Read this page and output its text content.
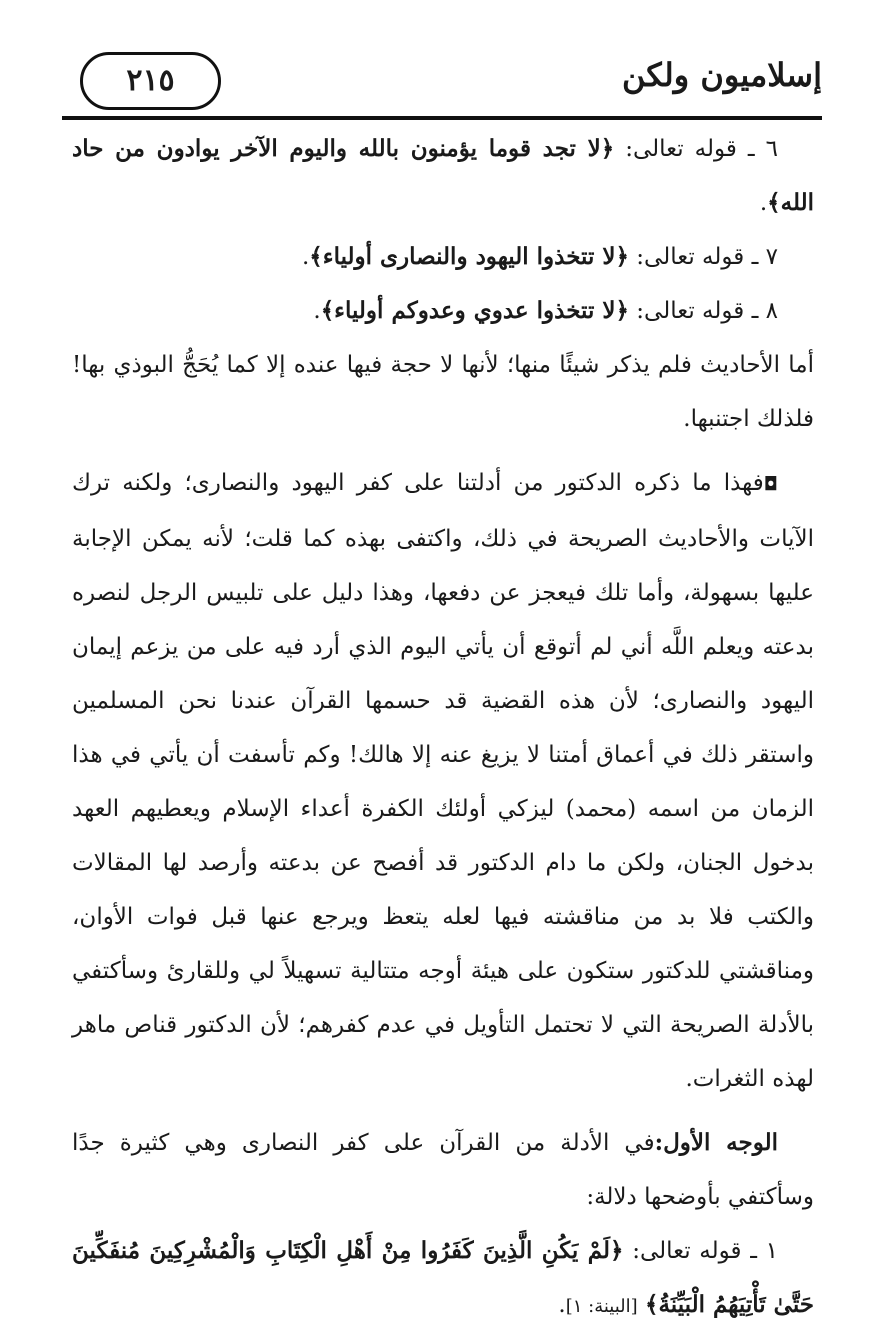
٢١٥	إسلاميون ولكن

٦ ـ قوله تعالى: ﴿لا تجد قوما يؤمنون بالله واليوم الآخر يوادون من حاد الله﴾.

٧ ـ قوله تعالى: ﴿لا تتخذوا اليهود والنصارى أولياء﴾.

٨ ـ قوله تعالى: ﴿لا تتخذوا عدوي وعدوكم أولياء﴾.

أما الأحاديث فلم يذكر شيئًا منها؛ لأنها لا حجة فيها عنده إلا كما يُحَجُّ البوذي بها! فلذلك اجتنبها.

◘فهذا ما ذكره الدكتور من أدلتنا على كفر اليهود والنصارى؛ ولكنه ترك الآيات والأحاديث الصريحة في ذلك، واكتفى بهذه كما قلت؛ لأنه يمكن الإجابة عليها بسهولة، وأما تلك فيعجز عن دفعها، وهذا دليل على تلبيس الرجل لنصره بدعته ويعلم اللَّه أني لم أتوقع أن يأتي اليوم الذي أرد فيه على من يزعم إيمان اليهود والنصارى؛ لأن هذه القضية قد حسمها القرآن عندنا نحن المسلمين واستقر ذلك في أعماق أمتنا لا يزيغ عنه إلا هالك! وكم تأسفت أن يأتي في هذا الزمان من اسمه (محمد) ليزكي أولئك الكفرة أعداء الإسلام ويعطيهم العهد بدخول الجنان، ولكن ما دام الدكتور قد أفصح عن بدعته وأرصد لها المقالات والكتب فلا بد من مناقشته فيها لعله يتعظ ويرجع عنها قبل فوات الأوان، ومناقشتي للدكتور ستكون على هيئة أوجه متتالية تسهيلاً لي وللقارئ وسأكتفي بالأدلة الصريحة التي لا تحتمل التأويل في عدم كفرهم؛ لأن الدكتور قناص ماهر لهذه الثغرات.

الوجه الأول:في الأدلة من القرآن على كفر النصارى وهي كثيرة جدًا وسأكتفي بأوضحها دلالة:

١ ـ قوله تعالى: ﴿لَمْ يَكُنِ الَّذِينَ كَفَرُوا مِنْ أَهْلِ الْكِتَابِ وَالْمُشْرِكِينَ مُنفَكِّينَ حَتَّىٰ تَأْتِيَهُمُ الْبَيِّنَةُ﴾ [البينة: ١].
